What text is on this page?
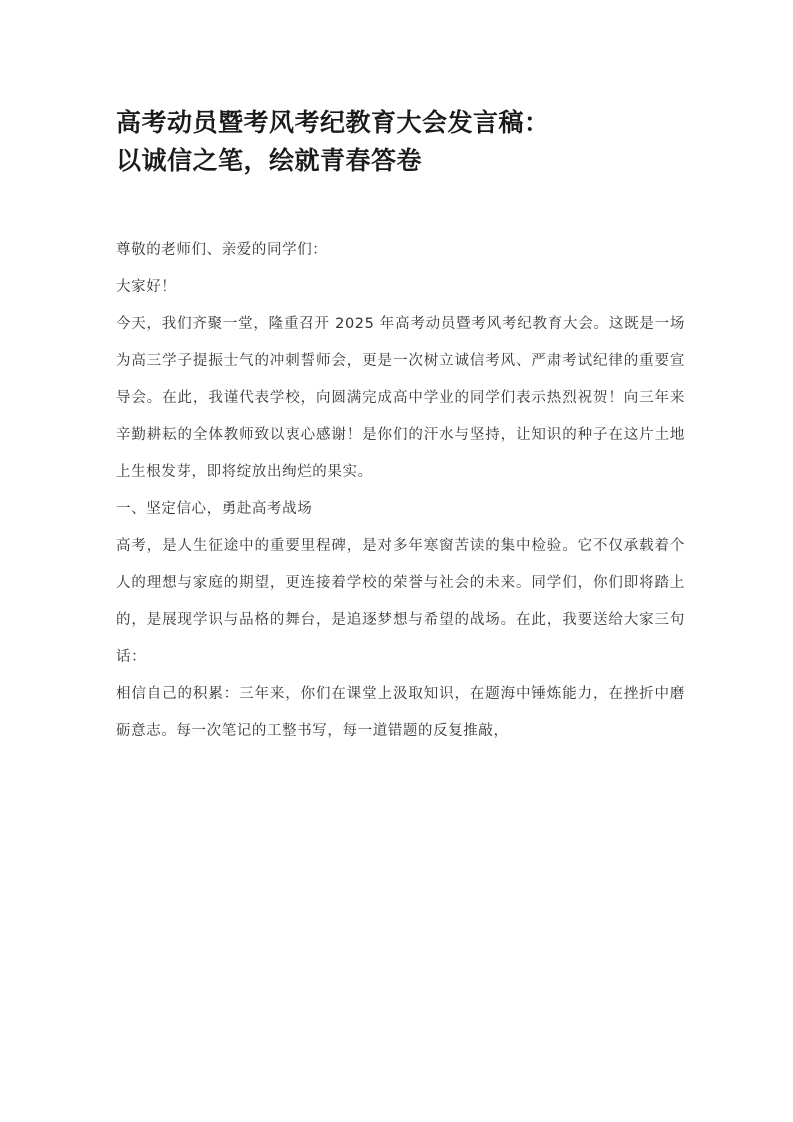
高考动员暨考风考纪教育大会发言稿：
以诚信之笔，绘就青春答卷

尊敬的老师们、亲爱的同学们：

大家好！

今天，我们齐聚一堂，隆重召开 2025 年高考动员暨考风考纪教育大会。这既是一场为高三学子提振士气的冲刺誓师会，更是一次树立诚信考风、严肃考试纪律的重要宣导会。在此，我谨代表学校，向圆满完成高中学业的同学们表示热烈祝贺！向三年来辛勤耕耘的全体教师致以衷心感谢！是你们的汗水与坚持，让知识的种子在这片土地上生根发芽，即将绽放出绚烂的果实。

一、坚定信心，勇赴高考战场

高考，是人生征途中的重要里程碑，是对多年寒窗苦读的集中检验。它不仅承载着个人的理想与家庭的期望，更连接着学校的荣誉与社会的未来。同学们，你们即将踏上的，是展现学识与品格的舞台，是追逐梦想与希望的战场。在此，我要送给大家三句话：

相信自己的积累：三年来，你们在课堂上汲取知识，在题海中锤炼能力，在挫折中磨砺意志。每一次笔记的工整书写，每一道错题的反复推敲，
